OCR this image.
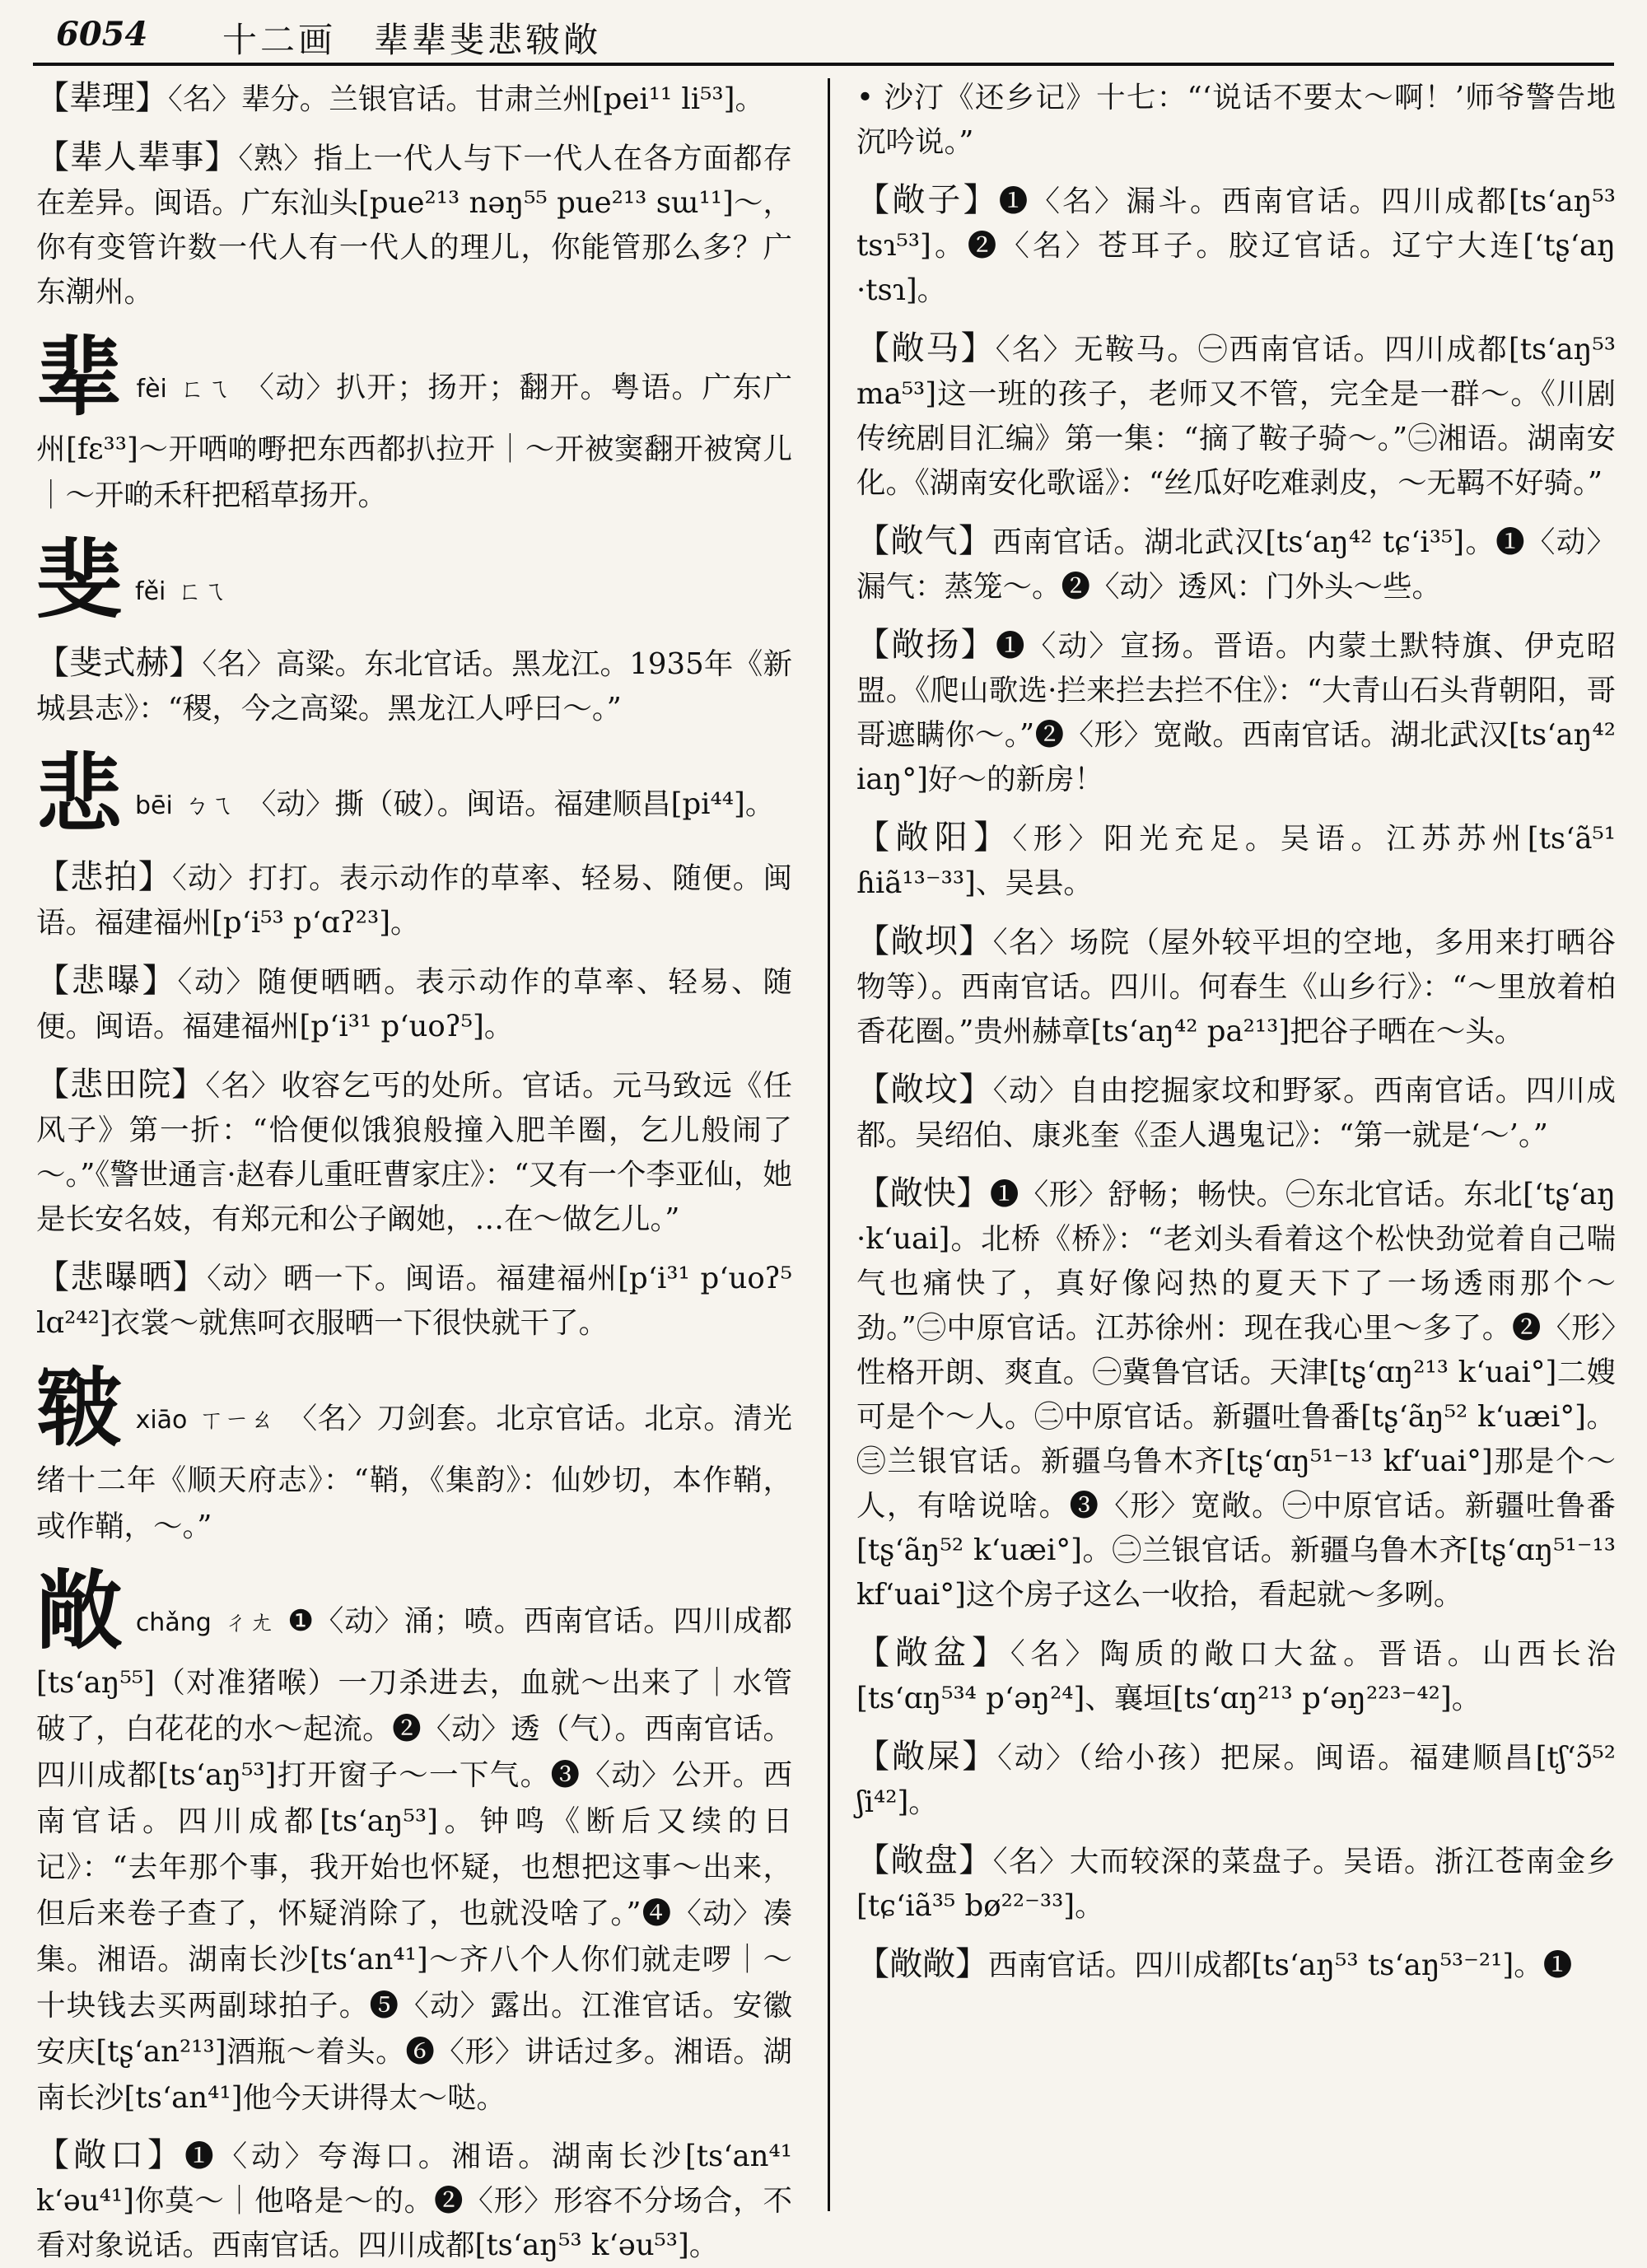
6054 十二画　辈辈斐悲皲敞

【辈理】〈名〉辈分。兰银官话。甘肃兰州[pei¹¹ li⁵³]。

【辈人辈事】〈熟〉指上一代人与下一代人在各方面都存在差异。闽语。广东汕头[pue²¹³ nəŋ⁵⁵ pue²¹³ sɯ¹¹]～，你有变管许数一代人有一代人的理儿，你能管那么多？广东潮州。

辈fèi ㄈㄟ 〈动〉扒开；扬开；翻开。粤语。广东广州[fɛ³³]～开哂啲嘢把东西都扒拉开｜～开被窦翻开被窝儿｜～开啲禾秆把稻草扬开。

斐fěi ㄈㄟ

【斐式赫】〈名〉高粱。东北官话。黑龙江。1935年《新城县志》：“稷，今之高粱。黑龙江人呼曰～。”

悲bēi ㄅㄟ 〈动〉撕（破）。闽语。福建顺昌[pi⁴⁴]。

【悲拍】〈动〉打打。表示动作的草率、轻易、随便。闽语。福建福州[p‘i⁵³ p‘ɑʔ²³]。

【悲曝】〈动〉随便晒晒。表示动作的草率、轻易、随便。闽语。福建福州[p‘i³¹ p‘uoʔ⁵]。

【悲田院】〈名〉收容乞丐的处所。官话。元马致远《任风子》第一折：“恰便似饿狼般撞入肥羊圈，乞儿般闹了～。”《警世通言·赵春儿重旺曹家庄》：“又有一个李亚仙，她是长安名妓，有郑元和公子阚她，…在～做乞儿。”

【悲曝晒】〈动〉晒一下。闽语。福建福州[p‘i³¹ p‘uoʔ⁵ lɑ²⁴²]衣裳～就焦呵衣服晒一下很快就干了。

皲xiāo ㄒㄧㄠ 〈名〉刀剑套。北京官话。北京。清光绪十二年《顺天府志》：“鞘，《集韵》：仙妙切，本作鞘，或作鞘，～。”

敞chǎng ㄔㄤ ❶〈动〉涌；喷。西南官话。四川成都[ts‘aŋ⁵⁵]（对准猪喉）一刀杀进去，血就～出来了｜水管破了，白花花的水～起流。❷〈动〉透（气）。西南官话。四川成都[ts‘aŋ⁵³]打开窗子～一下气。❸〈动〉公开。西南官话。四川成都[ts‘aŋ⁵³]。钟鸣《断后又续的日记》：“去年那个事，我开始也怀疑，也想把这事～出来，但后来卷子查了，怀疑消除了，也就没啥了。”❹〈动〉凑集。湘语。湖南长沙[ts‘an⁴¹]～齐八个人你们就走啰｜～十块钱去买两副球拍子。❺〈动〉露出。江淮官话。安徽安庆[tʂ‘an²¹³]酒瓶～着头。❻〈形〉讲话过多。湘语。湖南长沙[ts‘an⁴¹]他今天讲得太～哒。

【敞口】❶〈动〉夸海口。湘语。湖南长沙[ts‘an⁴¹ k‘əu⁴¹]你莫～｜他咯是～的。❷〈形〉形容不分场合，不看对象说话。西南官话。四川成都[ts‘aŋ⁵³ k‘əu⁵³]。

• 沙汀《还乡记》十七：“‘说话不要太～啊！’师爷警告地沉吟说。”

【敞子】❶〈名〉漏斗。西南官话。四川成都[ts‘aŋ⁵³ tsɿ⁵³]。❷〈名〉苍耳子。胶辽官话。辽宁大连[‘tʂ‘aŋ ·tsɿ]。

【敞马】〈名〉无鞍马。㊀西南官话。四川成都[ts‘aŋ⁵³ ma⁵³]这一班的孩子，老师又不管，完全是一群～。《川剧传统剧目汇编》第一集：“摘了鞍子骑～。”㊁湘语。湖南安化。《湖南安化歌谣》：“丝瓜好吃难剥皮，～无羁不好骑。”

【敞气】西南官话。湖北武汉[ts‘aŋ⁴² tɕ‘i³⁵]。❶〈动〉漏气：蒸笼～。❷〈动〉透风：门外头～些。

【敞扬】❶〈动〉宣扬。晋语。内蒙土默特旗、伊克昭盟。《爬山歌选·拦来拦去拦不住》：“大青山石头背朝阳，哥哥遮瞒你～。”❷〈形〉宽敞。西南官话。湖北武汉[ts‘aŋ⁴² iaŋ°]好～的新房！

【敞阳】〈形〉阳光充足。吴语。江苏苏州[ts‘ã⁵¹ ɦiã¹³⁻³³]、吴县。

【敞坝】〈名〉场院（屋外较平坦的空地，多用来打晒谷物等）。西南官话。四川。何春生《山乡行》：“～里放着柏香花圈。”贵州赫章[ts‘aŋ⁴² pa²¹³]把谷子晒在～头。

【敞坟】〈动〉自由挖掘家坟和野冢。西南官话。四川成都。吴绍伯、康兆奎《歪人遇鬼记》：“第一就是‘～’。”

【敞快】❶〈形〉舒畅；畅快。㊀东北官话。东北[‘tʂ‘aŋ ·k‘uai]。北桥《桥》：“老刘头看着这个松快劲觉着自己喘气也痛快了，真好像闷热的夏天下了一场透雨那个～劲。”㊁中原官话。江苏徐州：现在我心里～多了。❷〈形〉性格开朗、爽直。㊀冀鲁官话。天津[tʂ‘ɑŋ²¹³ k‘uai°]二嫂可是个～人。㊁中原官话。新疆吐鲁番[tʂ‘ãŋ⁵² k‘uæi°]。㊂兰银官话。新疆乌鲁木齐[tʂ‘ɑŋ⁵¹⁻¹³ kf‘uai°]那是个～人，有啥说啥。❸〈形〉宽敞。㊀中原官话。新疆吐鲁番[tʂ‘ãŋ⁵² k‘uæi°]。㊁兰银官话。新疆乌鲁木齐[tʂ‘ɑŋ⁵¹⁻¹³ kf‘uai°]这个房子这么一收拾，看起就～多咧。

【敞盆】〈名〉陶质的敞口大盆。晋语。山西长治[ts‘ɑŋ⁵³⁴ p‘əŋ²⁴]、襄垣[ts‘ɑŋ²¹³ p‘əŋ²²³⁻⁴²]。

【敞屎】〈动〉（给小孩）把屎。闽语。福建顺昌[tʃ‘ɔ̃⁵² ʃi⁴²]。

【敞盘】〈名〉大而较深的菜盘子。吴语。浙江苍南金乡[tɕ‘iã³⁵ bø²²⁻³³]。

【敞敞】西南官话。四川成都[ts‘aŋ⁵³ ts‘aŋ⁵³⁻²¹]。❶
